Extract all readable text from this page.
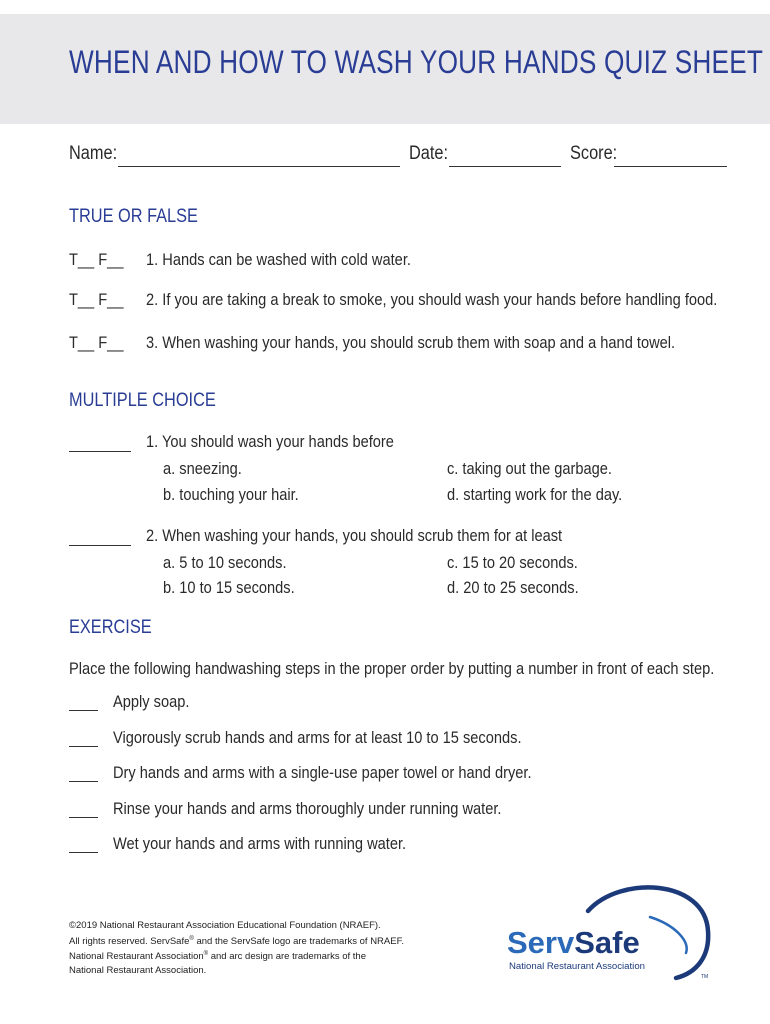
WHEN AND HOW TO WASH YOUR HANDS QUIZ SHEET
Name:	Date:	Score:
TRUE OR FALSE
T__ F__ 1. Hands can be washed with cold water.
T__ F__ 2. If you are taking a break to smoke, you should wash your hands before handling food.
T__ F__ 3. When washing your hands, you should scrub them with soap and a hand towel.
MULTIPLE CHOICE
1. You should wash your hands before
a. sneezing.	c. taking out the garbage.
b. touching your hair.	d. starting work for the day.
2. When washing your hands, you should scrub them for at least
a. 5 to 10 seconds.	c. 15 to 20 seconds.
b. 10 to 15 seconds.	d. 20 to 25 seconds.
EXERCISE
Place the following handwashing steps in the proper order by putting a number in front of each step.
Apply soap.
Vigorously scrub hands and arms for at least 10 to 15 seconds.
Dry hands and arms with a single-use paper towel or hand dryer.
Rinse your hands and arms thoroughly under running water.
Wet your hands and arms with running water.

©2019 National Restaurant Association Educational Foundation (NRAEF).

All rights reserved. ServSafe® and the ServSafe logo are trademarks of NRAEF.

National Restaurant Association® and arc design are trademarks of the

National Restaurant Association.

ServSafe
National Restaurant Association
TM
